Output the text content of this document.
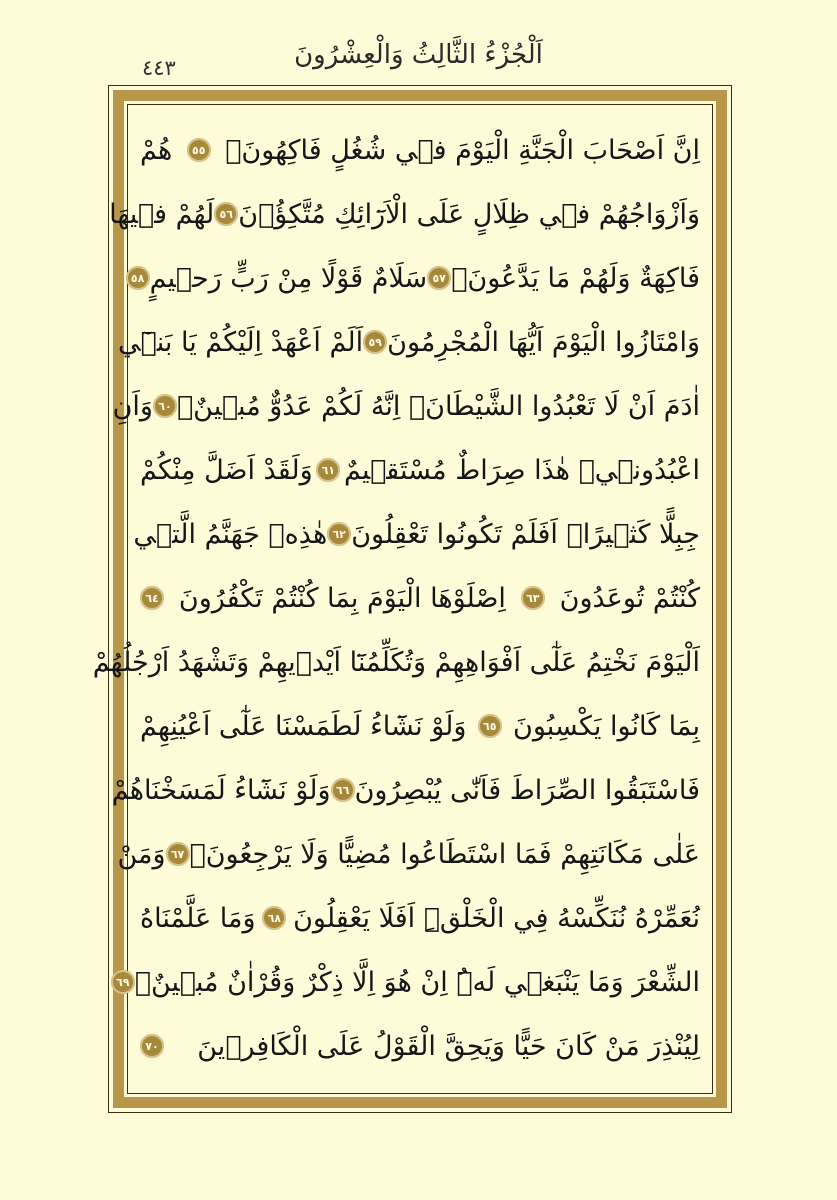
٤٤٣	اَلْجُزْءُ الثَّالِثُ وَالْعِشْرُونَ
اِنَّ اَصْحَابَ الْجَنَّةِ الْيَوْمَ فٖي شُغُلٍ فَاكِهُونَۚ
٥٥
هُمْ
وَاَزْوَاجُهُمْ فٖي ظِلَالٍ عَلَى الْاَرَٓائِكِ مُتَّكِؤُ۫نَ
٥٦
لَهُمْ فٖيهَا
فَاكِهَةٌ وَلَهُمْ مَا يَدَّعُونَۚ
٥٧
سَلَامٌ قَوْلًا مِنْ رَبٍّ رَحٖيمٍ
٥٨
وَامْتَازُوا الْيَوْمَ اَيُّهَا الْمُجْرِمُونَ
٥٩
اَلَمْ اَعْهَدْ اِلَيْكُمْ يَا بَنٖٓي
اٰدَمَ اَنْ لَا تَعْبُدُوا الشَّيْطَانَۚ اِنَّهُ لَكُمْ عَدُوٌّ مُبٖينٌۙ
٦٠
وَاَنِ
اعْبُدُونٖيۜ هٰذَا صِرَاطٌ مُسْتَقٖيمٌ
٦١
وَلَقَدْ اَضَلَّ مِنْكُمْ
جِبِلًّا كَثٖيرًاۜ اَفَلَمْ تَكُونُوا تَعْقِلُونَ
٦٢
هٰذِهٖ جَهَنَّمُ الَّتٖي
كُنْتُمْ تُوعَدُونَ
٦٣
اِصْلَوْهَا الْيَوْمَ بِمَا كُنْتُمْ تَكْفُرُونَ
٦٤
اَلْيَوْمَ نَخْتِمُ عَلٰٓى اَفْوَاهِهِمْ وَتُكَلِّمُنَٓا اَيْدٖيهِمْ وَتَشْهَدُ اَرْجُلُهُمْ
بِمَا كَانُوا يَكْسِبُونَ
٦٥
وَلَوْ نَشَٓاءُ لَطَمَسْنَا عَلٰٓى اَعْيُنِهِمْ
فَاسْتَبَقُوا الصِّرَاطَ فَاَنّٰى يُبْصِرُونَ
٦٦
وَلَوْ نَشَٓاءُ لَمَسَخْنَاهُمْ
عَلٰى مَكَانَتِهِمْ فَمَا اسْتَطَاعُوا مُضِيًّا وَلَا يَرْجِعُونَۚ
٦٧
وَمَنْ
نُعَمِّرْهُ نُنَكِّسْهُ فِي الْخَلْقِۜ اَفَلَا يَعْقِلُونَ
٦٨
وَمَا عَلَّمْنَاهُ
الشِّعْرَ وَمَا يَنْبَغٖي لَهُۜ اِنْ هُوَ اِلَّا ذِكْرٌ وَقُرْاٰنٌ مُبٖينٌۙ
٦٩
لِيُنْذِرَ مَنْ كَانَ حَيًّا وَيَحِقَّ الْقَوْلُ عَلَى الْكَافِرٖينَ
٧٠
